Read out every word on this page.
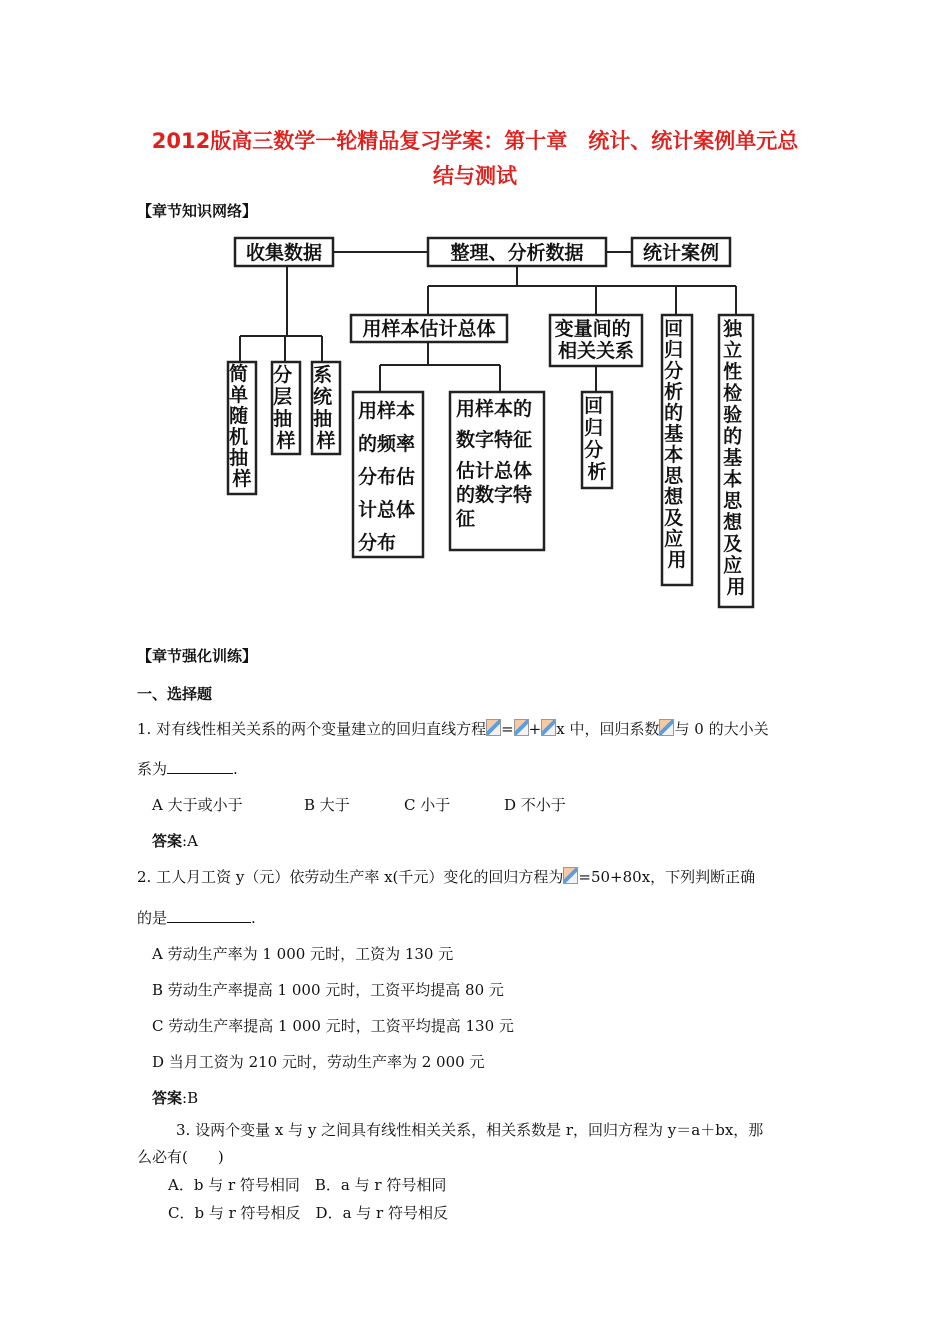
2012版高三数学一轮精品复习学案：第十章　统计、统计案例单元总
结与测试
【章节知识网络】
收集数据	整理、分析数据	统计案例
简 单 随 机 抽 样
分 层 抽 样
系 统 抽 样
用样本估计总体	变量间的 相关关系
回 归 分 析 的 基 本 思 想 及 应 用
独 立 性 检 验 的 基 本 思 想 及 应 用
用样本 的频率 分布估 计总体 分布
用样本的 数字特征 估计总体 的数字特 征
回 归 分 析
【章节强化训练】
一、选择题
1. 对有线性相关关系的两个变量建立的回归直线方程 = + x 中，回归系数 与 0 的大小关
系为	.
A 大于或小于	B 大于	C 小于	D 不小于
答案:A
2. 工人月工资 y（元）依劳动生产率 x(千元）变化的回归方程为 =50+80x，下列判断正确
的是	.
A 劳动生产率为 1 000 元时，工资为 130 元
B 劳动生产率提高 1 000 元时，工资平均提高 80 元
C 劳动生产率提高 1 000 元时，工资平均提高 130 元
D 当月工资为 210 元时，劳动生产率为 2 000 元
答案:B
3. 设两个变量 x 与 y 之间具有线性相关关系，相关系数是 r，回归方程为 y＝a＋bx，那
么必有(　　)
A．b 与 r 符号相同　B．a 与 r 符号相同
C．b 与 r 符号相反　D．a 与 r 符号相反
